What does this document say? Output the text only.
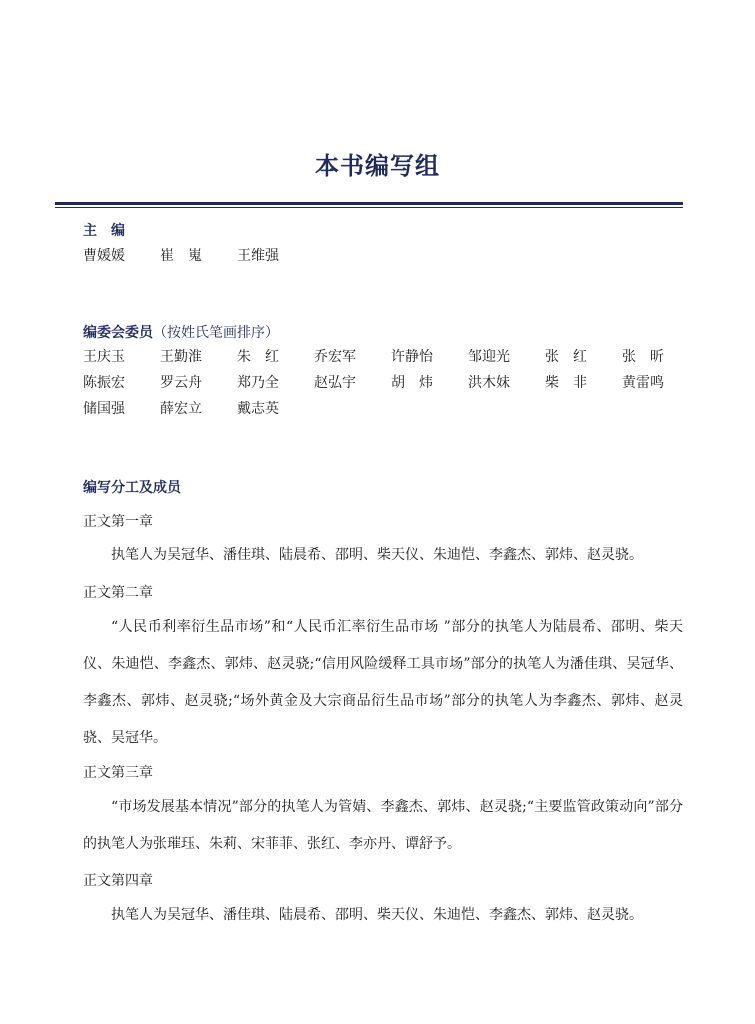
本书编写组
主　编
曹媛媛	崔　嵬	王维强
编委会委员（按姓氏笔画排序）
王庆玉	王勤淮	朱　红	乔宏军	许静怡	邹迎光	张　红	张　昕
陈振宏	罗云舟	郑乃全	赵弘宇	胡　炜	洪木妹	柴　非	黄雷鸣
储国强	薛宏立	戴志英
编写分工及成员
正文第一章
执笔人为吴冠华、潘佳琪、陆晨希、邵明、柴天仪、朱迪恺、李鑫杰、郭炜、赵灵骁。
正文第二章
“人民币利率衍生品市场”和“人民币汇率衍生品市场 ”部分的执笔人为陆晨希、邵明、柴天仪、朱迪恺、李鑫杰、郭炜、赵灵骁;“信用风险缓释工具市场”部分的执笔人为潘佳琪、吴冠华、李鑫杰、郭炜、赵灵骁;“场外黄金及大宗商品衍生品市场”部分的执笔人为李鑫杰、郭炜、赵灵骁、吴冠华。
正文第三章
“市场发展基本情况”部分的执笔人为管婧、李鑫杰、郭炜、赵灵骁;“主要监管政策动向”部分的执笔人为张璀珏、朱莉、宋菲菲、张红、李亦丹、谭舒予。
正文第四章
执笔人为吴冠华、潘佳琪、陆晨希、邵明、柴天仪、朱迪恺、李鑫杰、郭炜、赵灵骁。
